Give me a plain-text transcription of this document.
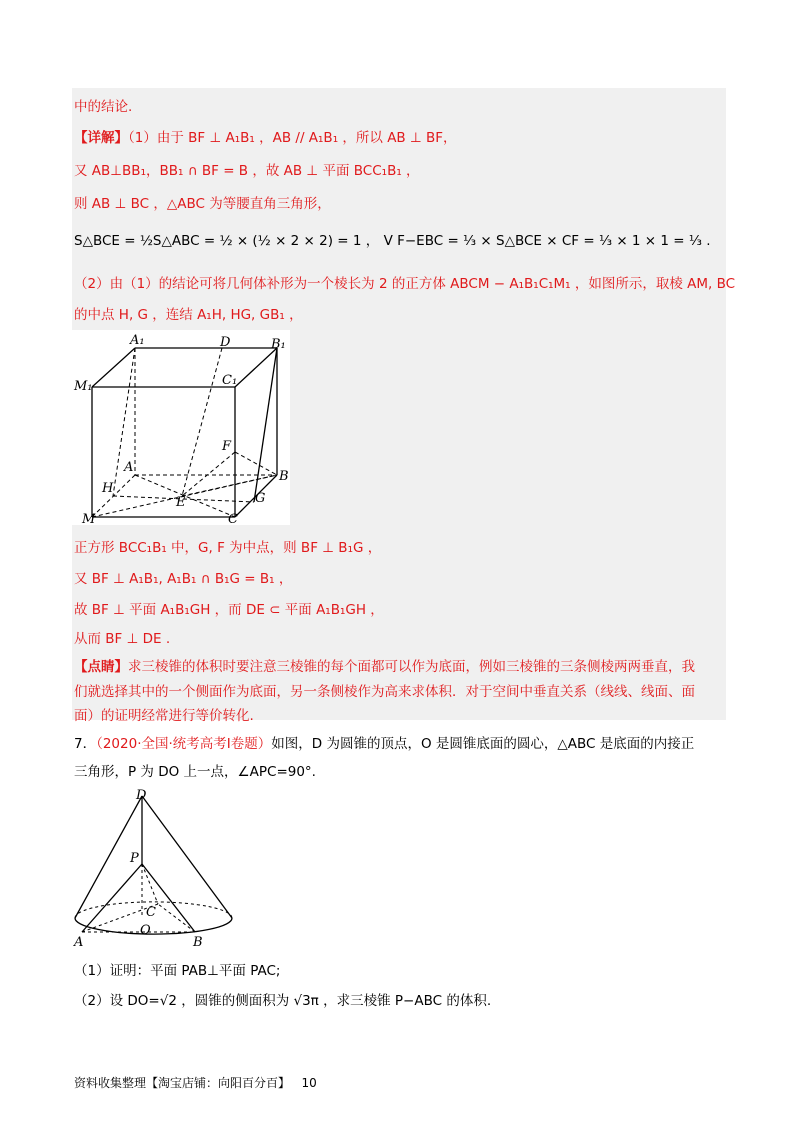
中的结论.
【详解】（1）由于 BF ⊥ A₁B₁ ，AB // A₁B₁ ，所以 AB ⊥ BF，
又 AB⊥BB₁，BB₁ ∩ BF = B ，故 AB ⊥ 平面 BCC₁B₁ ，
则 AB ⊥ BC ，△ABC 为等腰直角三角形，
S△BCE = ½S△ABC = ½ × (½ × 2 × 2) = 1 ， V F−EBC = ⅓ × S△BCE × CF = ⅓ × 1 × 1 = ⅓ .
（2）由（1）的结论可将几何体补形为一个棱长为 2 的正方体 ABCM − A₁B₁C₁M₁ ，如图所示，取棱 AM, BC
的中点 H, G ，连结 A₁H, HG, GB₁ ，
A₁	D	B₁
M₁	C₁
F
A
B
H
E	G
M	C
正方形 BCC₁B₁ 中，G, F 为中点，则 BF ⊥ B₁G ，
又 BF ⊥ A₁B₁, A₁B₁ ∩ B₁G = B₁ ，
故 BF ⊥ 平面 A₁B₁GH ，而 DE ⊂ 平面 A₁B₁GH ，
从而 BF ⊥ DE .
【点睛】求三棱锥的体积时要注意三棱锥的每个面都可以作为底面，例如三棱锥的三条侧棱两两垂直，我
们就选择其中的一个侧面作为底面，另一条侧棱作为高来求体积．对于空间中垂直关系（线线、线面、面
面）的证明经常进行等价转化.
7．（2020·全国·统考高考Ⅰ卷题）如图，D 为圆锥的顶点，O 是圆锥底面的圆心，△ABC 是底面的内接正
三角形，P 为 DO 上一点，∠APC=90°.
D
P
C
O
A	B
（1）证明：平面 PAB⊥平面 PAC;
（2）设 DO=√2 ，圆锥的侧面积为 √3π ，求三棱锥 P−ABC 的体积.
资料收集整理【淘宝店铺：向阳百分百】 10
